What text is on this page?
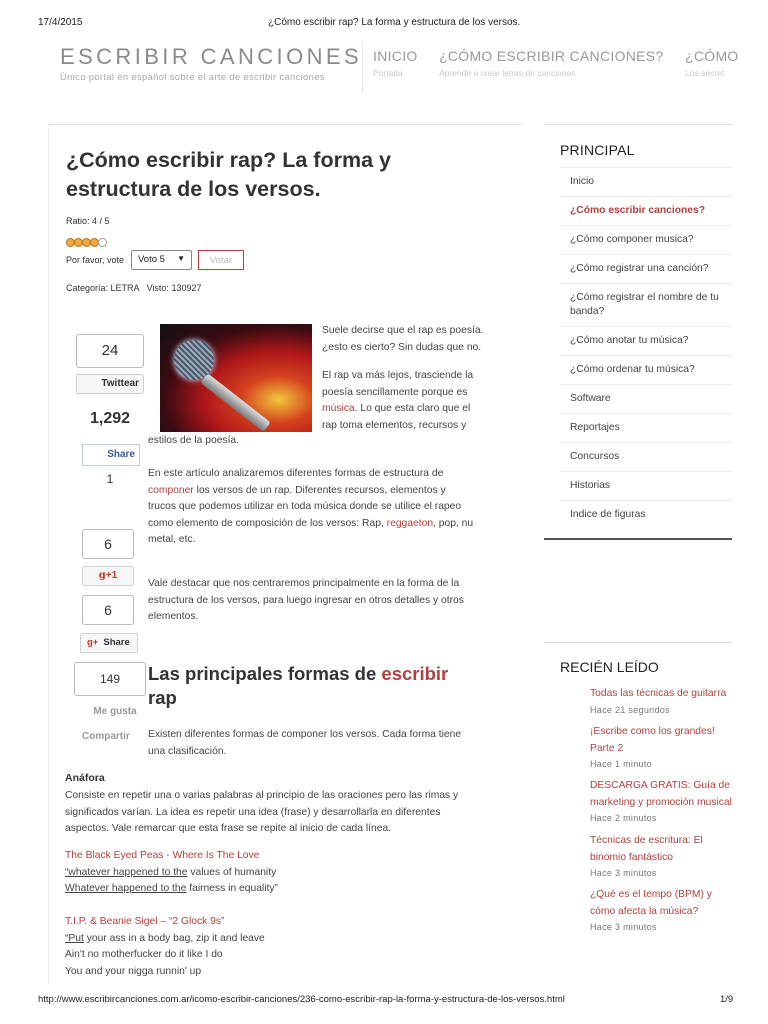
17/4/2015	¿Cómo escribir rap? La forma y estructura de los versos.
ESCRIBIR CANCIONES
Único portal en español sobre el arte de escribir canciones
INICIO
Portada
¿CÓMO ESCRIBIR CANCIONES?
Aprende a crear letras de canciones
¿CÓMO
Los secret
¿Cómo escribir rap? La forma y estructura de los versos.
Ratio: 4 / 5
Por favor, vote	Voto 5 ▼	Votar
Categoría: LETRA Visto: 130927
24
Twittear
1,292
Share
1
6
g+1
6
g+ Share
149
Me gusta
Compartir
Suele decirse que el rap es poesía.
¿esto es cierto? Sin dudas que no.
El rap va más lejos, trasciende la
poesía sencillamente porque es
música. Lo que esta claro que el
rap toma elementos, recursos y
estilos de la poesía.
En este artículo analizaremos diferentes formas de estructura de
componer los versos de un rap. Diferentes recursos, elementos y
trucos que podemos utilizar en toda música donde se utilice el rapeo
como elemento de composición de los versos: Rap, reggaeton, pop, nu
metal, etc.
Vale destacar que nos centraremos principalmente en la forma de la
estructura de los versos, para luego ingresar en otros detalles y otros
elementos.
Las principales formas de escribir
rap
Existen diferentes formas de componer los versos. Cada forma tiene
una clasificación.
Anáfora
Consiste en repetir una o varias palabras al principio de las oraciones pero las rimas y
significados varían. La idea es repetir una idea (frase) y desarrollarla en diferentes
aspectos. Vale remarcar que esta frase se repite al inicio de cada línea.
The Black Eyed Peas - Where Is The Love
“whatever happened to the values of humanity
Whatever happened to the fairness in equality”
T.I.P. & Beanie Sigel – “2 Glock 9s”
“Put your ass in a body bag, zip it and leave
Ain't no motherfucker do it like I do
You and your nigga runnin' up
PRINCIPAL
Inicio
¿Cómo escribir canciones?
¿Cómo componer musica?
¿Cómo registrar una canción?
¿Cómo registrar el nombre de tu banda?
¿Cómo anotar tu música?
¿Cómo ordenar tu música?
Software
Reportajes
Concursos
Historias
Indice de figuras
RECIÉN LEÍDO
Todas las técnicas de guitarra
Hace 21 segundos
¡Escribe como los grandes! Parte 2
Hace 1 minuto
DESCARGA GRATIS: Guía de marketing y promoción musical
Hace 2 minutos
Técnicas de escritura: El binomio fantástico
Hace 3 minutos
¿Qué es el tempo (BPM) y cómo afecta la música?
Hace 3 minutos
http://www.escribircanciones.com.ar/icomo-escribir-canciones/236-como-escribir-rap-la-forma-y-estructura-de-los-versos.html	1/9
